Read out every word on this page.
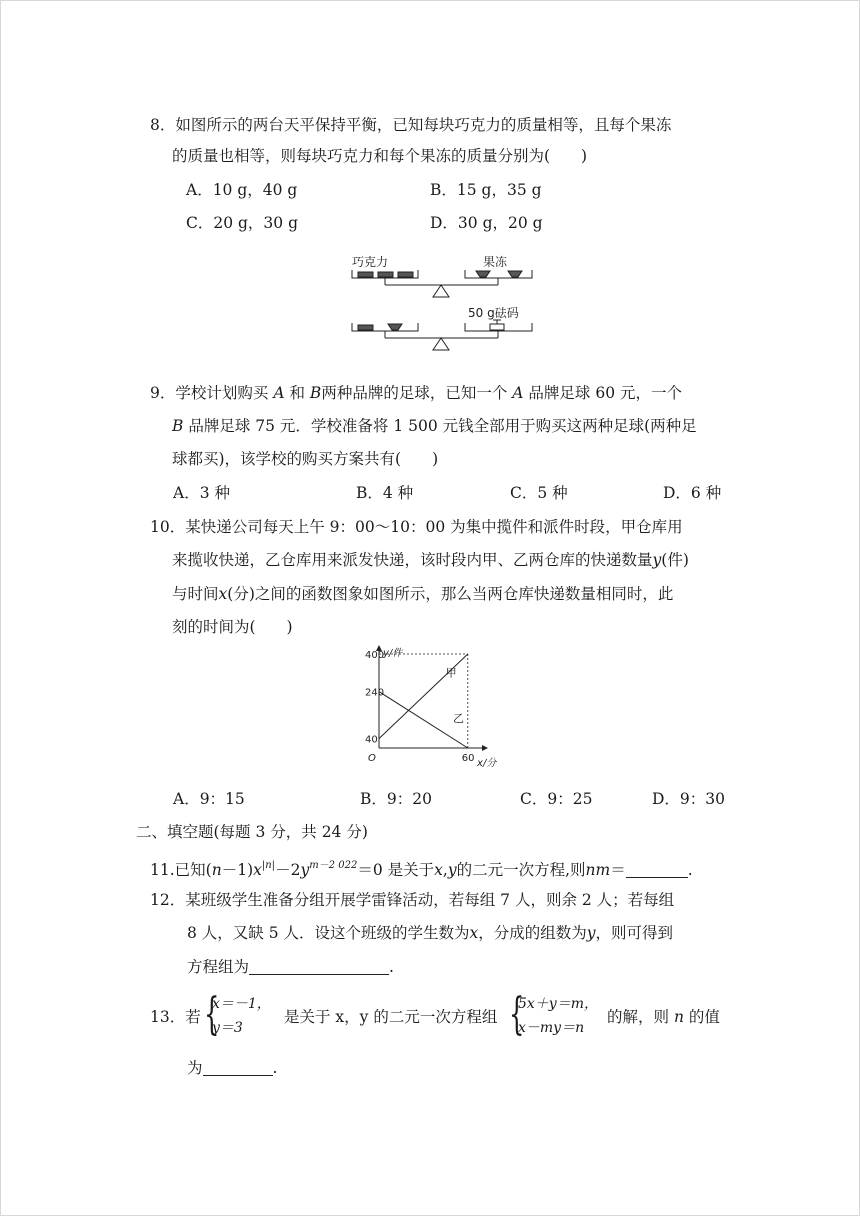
8．如图所示的两台天平保持平衡，已知每块巧克力的质量相等，且每个果冻
的质量也相等，则每块巧克力和每个果冻的质量分别为(　　)
A．10 g，40 g	B．15 g，35 g
C．20 g，30 g	D．30 g，20 g
巧克力	果冻
50 g砝码
9．学校计划购买 A 和 B两种品牌的足球，已知一个 A 品牌足球 60 元，一个
B 品牌足球 75 元．学校准备将 1 500 元钱全部用于购买这两种足球(两种足
球都买)，该学校的购买方案共有(　　)
A．3 种	B．4 种	C．5 种	D．6 种
10．某快递公司每天上午 9：00～10：00 为集中揽件和派件时段，甲仓库用
来揽收快递，乙仓库用来派发快递，该时段内甲、乙两仓库的快递数量y(件)
与时间x(分)之间的函数图象如图所示，那么当两仓库快递数量相同时，此
刻的时间为(　　)
y/件
x/分
O
40
240
400
60
甲
乙
A．9：15	B．9：20	C．9：25	D．9：30
二、填空题(每题 3 分，共 24 分)
11.已知$(n-1)x^{|n|}-2y^{m-2 022}=0$ 是关于x,y的二元一次方程,则nm＝	.
12．某班级学生准备分组开展学雷锋活动，若每组 7 人，则余 2 人；若每组
8 人，又缺 5 人．设这个班级的学生数为x，分成的组数为y，则可得到
方程组为	.
13．若 {
x＝－1，
y＝3
是关于 x，y 的二元一次方程组 {
5x＋y＝m，
x－my＝n
的解，则 n 的值
为	.
